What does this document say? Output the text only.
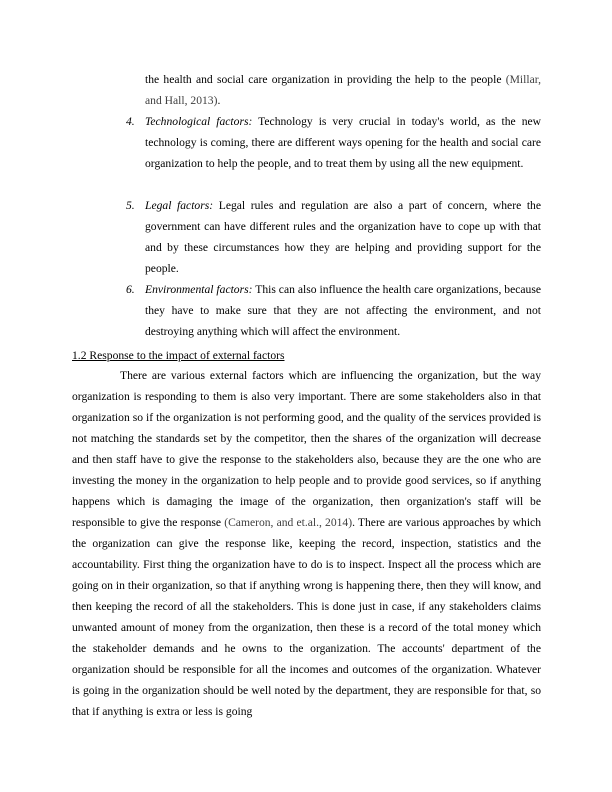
the health and social care organization in providing the help to the people (Millar, and Hall, 2013).
4. Technological factors: Technology is very crucial in today's world, as the new technology is coming, there are different ways opening for the health and social care organization to help the people, and to treat them by using all the new equipment.
5. Legal factors: Legal rules and regulation are also a part of concern, where the government can have different rules and the organization have to cope up with that and by these circumstances how they are helping and providing support for the people.
6. Environmental factors: This can also influence the health care organizations, because they have to make sure that they are not affecting the environment, and not destroying anything which will affect the environment.
1.2 Response to the impact of external factors
There are various external factors which are influencing the organization, but the way organization is responding to them is also very important. There are some stakeholders also in that organization so if the organization is not performing good, and the quality of the services provided is not matching the standards set by the competitor, then the shares of the organization will decrease and then staff have to give the response to the stakeholders also, because they are the one who are investing the money in the organization to help people and to provide good services, so if anything happens which is damaging the image of the organization, then organization's staff will be responsible to give the response (Cameron, and et.al., 2014). There are various approaches by which the organization can give the response like, keeping the record, inspection, statistics and the accountability. First thing the organization have to do is to inspect. Inspect all the process which are going on in their organization, so that if anything wrong is happening there, then they will know, and then keeping the record of all the stakeholders. This is done just in case, if any stakeholders claims unwanted amount of money from the organization, then these is a record of the total money which the stakeholder demands and he owns to the organization. The accounts' department of the organization should be responsible for all the incomes and outcomes of the organization. Whatever is going in the organization should be well noted by the department, they are responsible for that, so that if anything is extra or less is going
